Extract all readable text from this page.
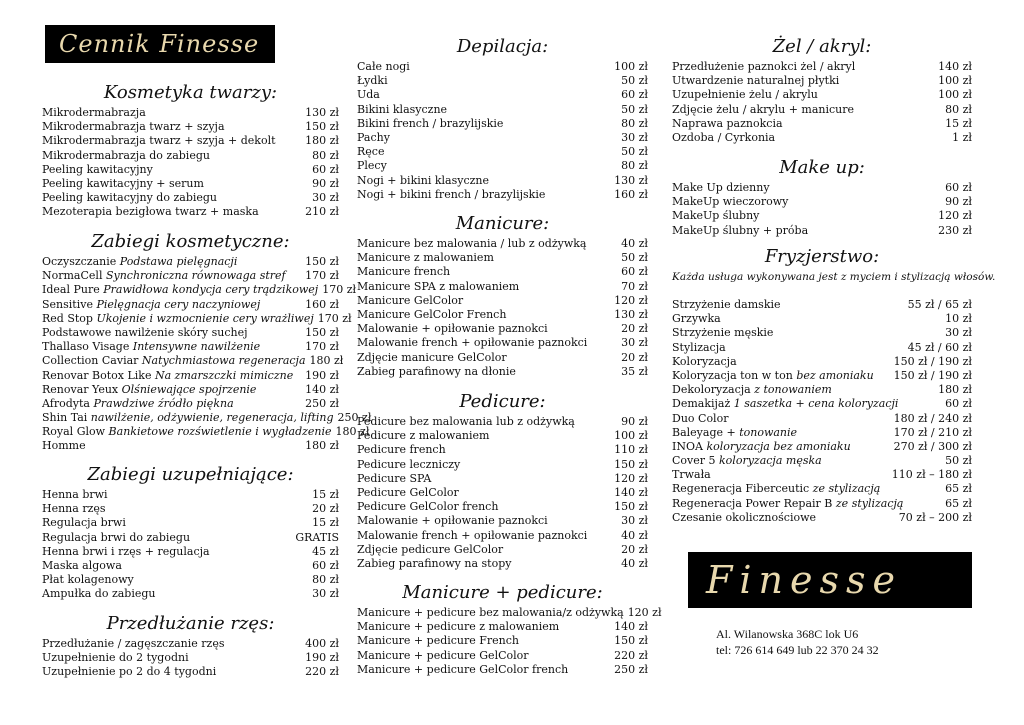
Cennik Finesse
Finesse
Al. Wilanowska 368C lok U6
tel: 726 614 649 lub 22 370 24 32
Kosmetyka twarzy:
Mikrodermabrazja	130 zł
Mikrodermabrazja twarz + szyja	150 zł
Mikrodermabrazja twarz + szyja + dekolt	180 zł
Mikrodermabrazja do zabiegu	80 zł
Peeling kawitacyjny	60 zł
Peeling kawitacyjny + serum	90 zł
Peeling kawitacyjny do zabiegu	30 zł
Mezoterapia bezigłowa twarz + maska	210 zł
Zabiegi kosmetyczne:
Oczyszczanie Podstawa pielęgnacji	150 zł
NormaCell Synchroniczna równowaga stref	170 zł
Ideal Pure Prawidłowa kondycja cery trądzikowej 170 zł
Sensitive Pielęgnacja cery naczyniowej	160 zł
Red Stop Ukojenie i wzmocnienie cery wrażliwej 170 zł
Podstawowe nawilżenie skóry suchej	150 zł
Thallaso Visage Intensywne nawilżenie	170 zł
Collection Caviar Natychmiastowa regeneracja 180 zł
Renovar Botox Like Na zmarszczki mimiczne	190 zł
Renovar Yeux Olśniewające spojrzenie	140 zł
Afrodyta Prawdziwe źródło piękna	250 zł
Shin Tai nawilżenie, odżywienie, regeneracja, lifting 250 zł
Royal Glow Bankietowe rozświetlenie i wygładzenie 180 zł
Homme	180 zł
Zabiegi uzupełniające:
Henna brwi	15 zł
Henna rzęs	20 zł
Regulacja brwi	15 zł
Regulacja brwi do zabiegu	GRATIS
Henna brwi i rzęs + regulacja	45 zł
Maska algowa	60 zł
Płat kolagenowy	80 zł
Ampułka do zabiegu	30 zł
Przedłużanie rzęs:
Przedłużanie / zagęszczanie rzęs	400 zł
Uzupełnienie do 2 tygodni	190 zł
Uzupełnienie po 2 do 4 tygodni	220 zł
Depilacja:
Całe nogi	100 zł
Łydki	50 zł
Uda	60 zł
Bikini klasyczne	50 zł
Bikini french / brazylijskie	80 zł
Pachy	30 zł
Ręce	50 zł
Plecy	80 zł
Nogi + bikini klasyczne	130 zł
Nogi + bikini french / brazylijskie	160 zł
Manicure:
Manicure bez malowania / lub z odżywką	40 zł
Manicure z malowaniem	50 zł
Manicure french	60 zł
Manicure SPA z malowaniem	70 zł
Manicure GelColor	120 zł
Manicure GelColor French	130 zł
Malowanie + opiłowanie paznokci	20 zł
Malowanie french + opiłowanie paznokci	30 zł
Zdjęcie manicure GelColor	20 zł
Zabieg parafinowy na dłonie	35 zł
Pedicure:
Pedicure bez malowania lub z odżywką	90 zł
Pedicure z malowaniem	100 zł
Pedicure french	110 zł
Pedicure leczniczy	150 zł
Pedicure SPA	120 zł
Pedicure GelColor	140 zł
Pedicure GelColor french	150 zł
Malowanie + opiłowanie paznokci	30 zł
Malowanie french + opiłowanie paznokci	40 zł
Zdjęcie pedicure GelColor	20 zł
Zabieg parafinowy na stopy	40 zł
Manicure + pedicure:
Manicure + pedicure bez malowania/z odżywką 120 zł
Manicure + pedicure z malowaniem	140 zł
Manicure + pedicure French	150 zł
Manicure + pedicure GelColor	220 zł
Manicure + pedicure GelColor french	250 zł
Żel / akryl:
Przedłużenie paznokci żel / akryl	140 zł
Utwardzenie naturalnej płytki	100 zł
Uzupełnienie żelu / akrylu	100 zł
Zdjęcie żelu / akrylu + manicure	80 zł
Naprawa paznokcia	15 zł
Ozdoba / Cyrkonia	1 zł
Make up:
Make Up dzienny	60 zł
MakeUp wieczorowy	90 zł
MakeUp ślubny	120 zł
MakeUp ślubny + próba	230 zł
Fryzjerstwo:
Każda usługa wykonywana jest z myciem i stylizacją włosów.
Strzyżenie damskie	55 zł / 65 zł
Grzywka	10 zł
Strzyżenie męskie	30 zł
Stylizacja	45 zł / 60 zł
Koloryzacja	150 zł / 190 zł
Koloryzacja ton w ton bez amoniaku	150 zł / 190 zł
Dekoloryzacja z tonowaniem	180 zł
Demakijaż 1 saszetka + cena koloryzacji	60 zł
Duo Color	180 zł / 240 zł
Baleyage + tonowanie	170 zł / 210 zł
INOA koloryzacja bez amoniaku	270 zł / 300 zł
Cover 5 koloryzacja męska	50 zł
Trwała	110 zł – 180 zł
Regeneracja Fiberceutic ze stylizacją	65 zł
Regeneracja Power Repair B ze stylizacją	65 zł
Czesanie okolicznościowe	70 zł – 200 zł
